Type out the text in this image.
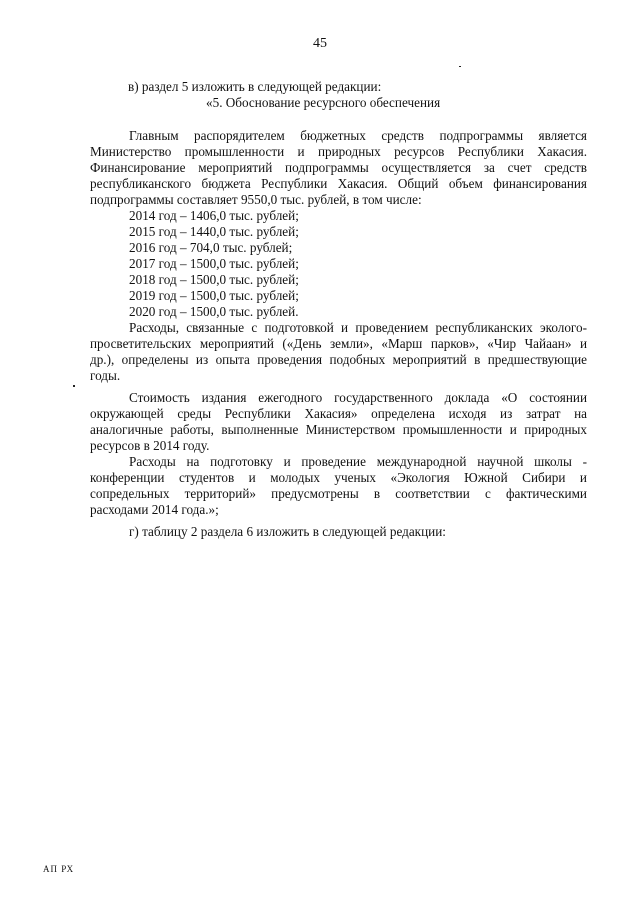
45
в) раздел 5 изложить в следующей редакции:
«5. Обоснование ресурсного обеспечения
Главным распорядителем бюджетных средств подпрограммы является
Министерство промышленности и природных ресурсов Республики Хакасия.
Финансирование мероприятий подпрограммы осуществляется за счет средств
республиканского бюджета Республики Хакасия. Общий объем финансирования
подпрограммы составляет 9550,0 тыс. рублей, в том числе:
2014 год – 1406,0 тыс. рублей;
2015 год – 1440,0 тыс. рублей;
2016 год – 704,0 тыс. рублей;
2017 год – 1500,0 тыс. рублей;
2018 год – 1500,0 тыс. рублей;
2019 год – 1500,0 тыс. рублей;
2020 год – 1500,0 тыс. рублей.
Расходы, связанные с подготовкой и проведением республиканских эколого-
просветительских мероприятий («День земли», «Марш парков», «Чир Чайаан» и
др.), определены из опыта проведения подобных мероприятий в предшествующие
годы.
Стоимость издания ежегодного государственного доклада «О состоянии
окружающей среды Республики Хакасия» определена исходя из затрат на
аналогичные работы, выполненные Министерством промышленности и природных
ресурсов в 2014 году.
Расходы на подготовку и проведение международной научной школы -
конференции студентов и молодых ученых «Экология Южной Сибири и
сопредельных территорий» предусмотрены в соответствии с фактическими
расходами 2014 года.»;
г) таблицу 2 раздела 6 изложить в следующей редакции:
АП РХ
